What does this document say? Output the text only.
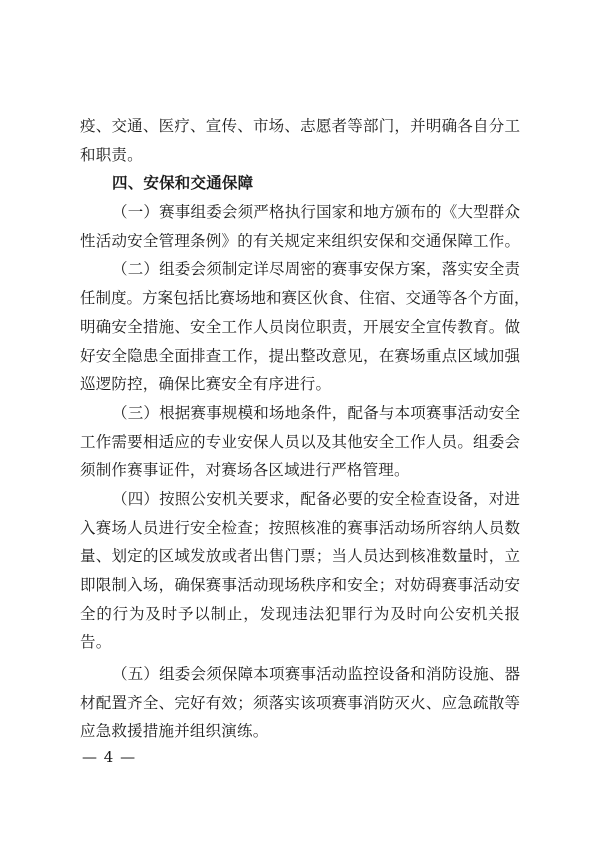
疫、交通、医疗、宣传、市场、志愿者等部门，并明确各自分工
和职责。
四、安保和交通保障
（一）赛事组委会须严格执行国家和地方颁布的《大型群众
性活动安全管理条例》的有关规定来组织安保和交通保障工作。
（二）组委会须制定详尽周密的赛事安保方案，落实安全责
任制度。方案包括比赛场地和赛区伙食、住宿、交通等各个方面，
明确安全措施、安全工作人员岗位职责，开展安全宣传教育。做
好安全隐患全面排查工作，提出整改意见，在赛场重点区域加强
巡逻防控，确保比赛安全有序进行。
（三）根据赛事规模和场地条件，配备与本项赛事活动安全
工作需要相适应的专业安保人员以及其他安全工作人员。组委会
须制作赛事证件，对赛场各区域进行严格管理。
（四）按照公安机关要求，配备必要的安全检查设备，对进
入赛场人员进行安全检查；按照核准的赛事活动场所容纳人员数
量、划定的区域发放或者出售门票；当人员达到核准数量时，立
即限制入场，确保赛事活动现场秩序和安全；对妨碍赛事活动安
全的行为及时予以制止，发现违法犯罪行为及时向公安机关报
告。
（五）组委会须保障本项赛事活动监控设备和消防设施、器
材配置齐全、完好有效；须落实该项赛事消防灭火、应急疏散等
应急救援措施并组织演练。
— 4 —
